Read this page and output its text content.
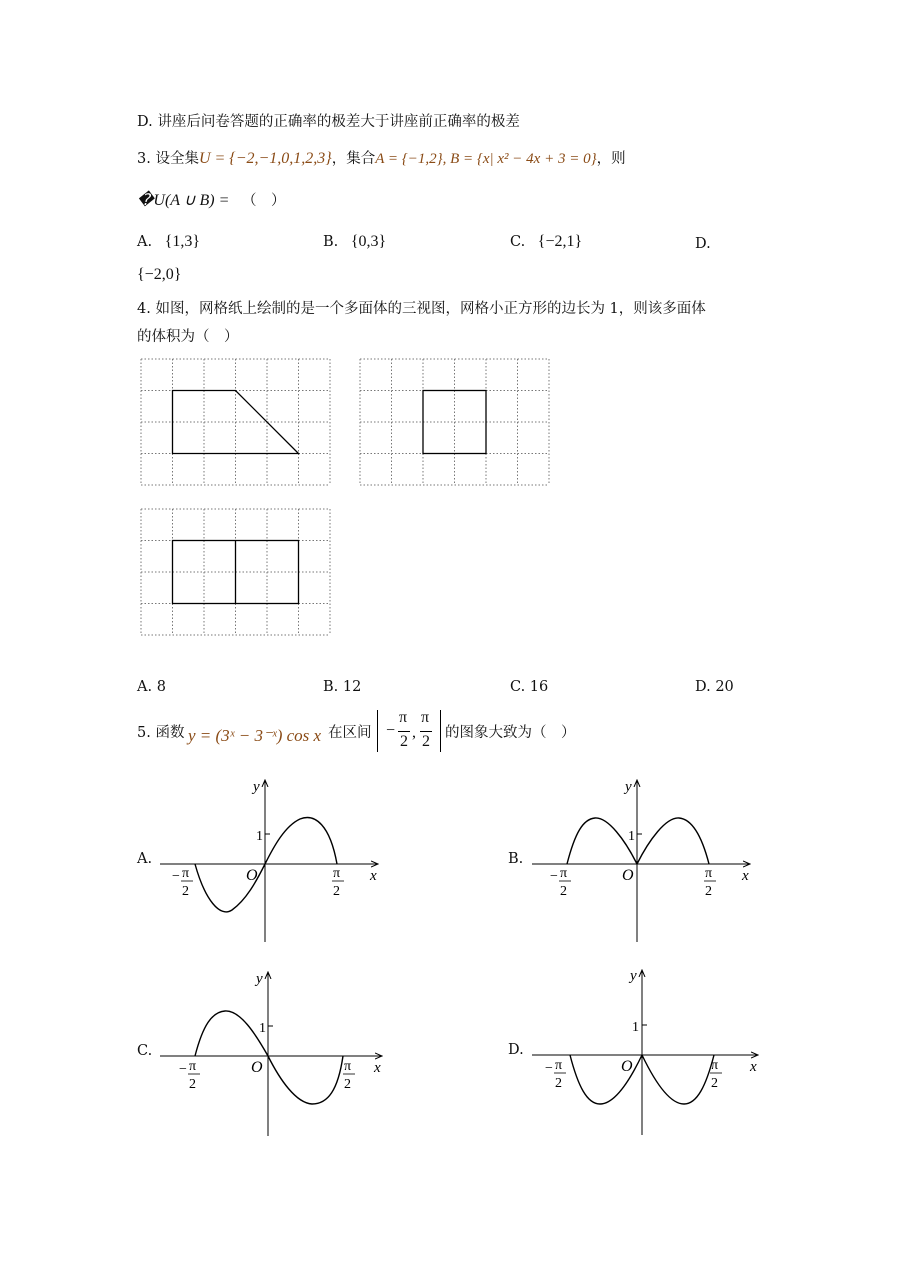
D. 讲座后问卷答题的正确率的极差大于讲座前正确率的极差
3. 设全集U = {−2,−1,0,1,2,3}，集合A = {−1,2}, B = {x| x² − 4x + 3 = 0}，则
�U(A ∪ B) = （　）
A. {1,3}	B. {0,3}	C. {−2,1}	D.
{−2,0}
4. 如图，网格纸上绘制的是一个多面体的三视图，网格小正方形的边长为 1，则该多面体
的体积为（　）
A. 8	B. 12	C. 16	D. 20
5. 函数 y = (3ˣ − 3⁻ˣ) cos x 在区间 −
π
2
,
π
2 的图象大致为（　）
A.	B.
C.	D.
y
x
O
1
− π
2
π
2
y
x
O
1
− π
2
π
2
y
x
O
1
− π
2
π
2
y
x
O
1
− π
2
π
2
